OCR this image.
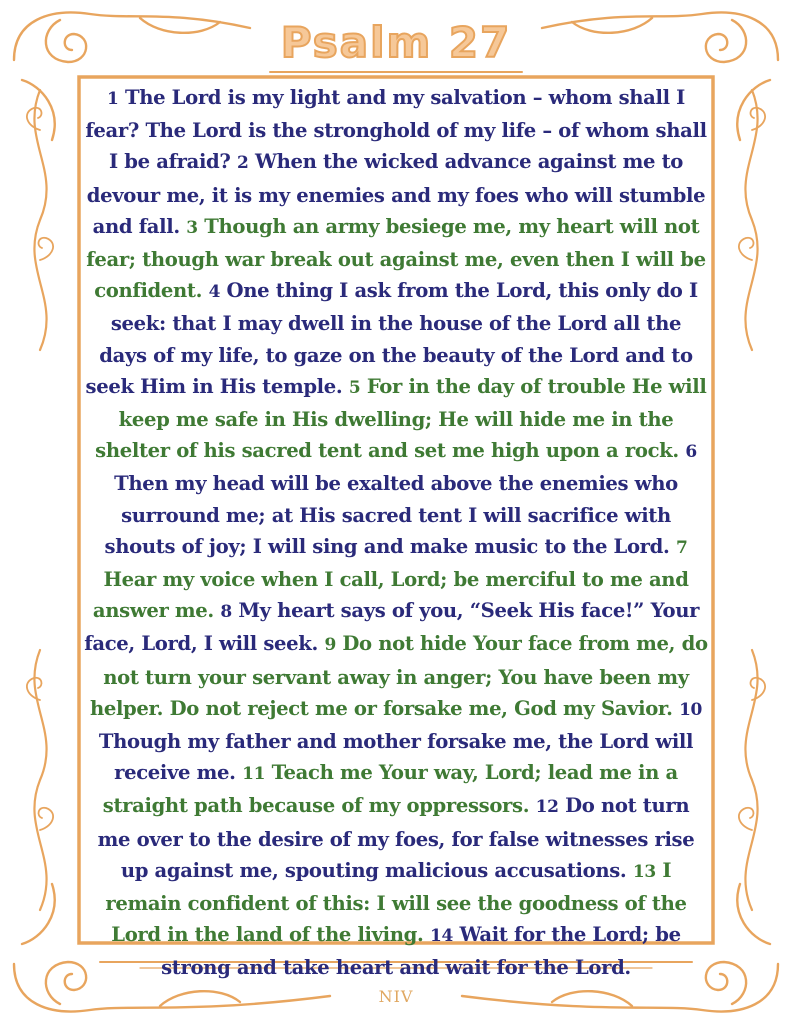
Psalm 27
1 The Lord is my light and my salvation – whom shall I fear? The Lord is the stronghold of my life – of whom shall I be afraid? 2 When the wicked advance against me to devour me, it is my enemies and my foes who will stumble and fall. 3 Though an army besiege me, my heart will not fear; though war break out against me, even then I will be confident. 4 One thing I ask from the Lord, this only do I seek: that I may dwell in the house of the Lord all the days of my life, to gaze on the beauty of the Lord and to seek Him in His temple. 5 For in the day of trouble He will keep me safe in His dwelling; He will hide me in the shelter of his sacred tent and set me high upon a rock. 6 Then my head will be exalted above the enemies who surround me; at His sacred tent I will sacrifice with shouts of joy; I will sing and make music to the Lord. 7 Hear my voice when I call, Lord; be merciful to me and answer me. 8 My heart says of you, “Seek His face!” Your face, Lord, I will seek. 9 Do not hide Your face from me, do not turn your servant away in anger; You have been my helper. Do not reject me or forsake me, God my Savior. 10 Though my father and mother forsake me, the Lord will receive me. 11 Teach me Your way, Lord; lead me in a straight path because of my oppressors. 12 Do not turn me over to the desire of my foes, for false witnesses rise up against me, spouting malicious accusations. 13 I remain confident of this: I will see the goodness of the Lord in the land of the living. 14 Wait for the Lord; be strong and take heart and wait for the Lord.
NIV
